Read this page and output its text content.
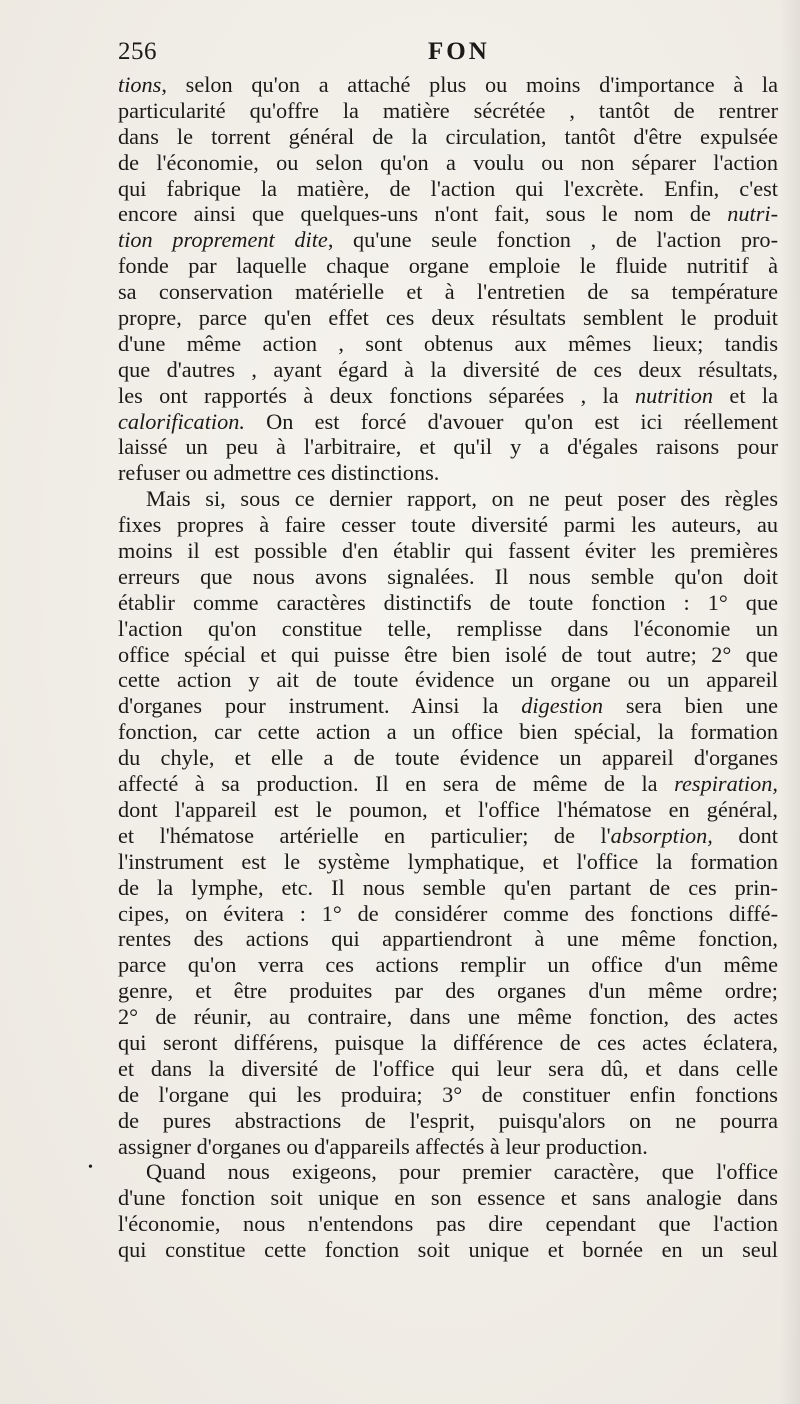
256	FON
tions, selon qu'on a attaché plus ou moins d'importance à la
particularité qu'offre la matière sécrétée , tantôt de rentrer
dans le torrent général de la circulation, tantôt d'être expulsée
de l'économie, ou selon qu'on a voulu ou non séparer l'action
qui fabrique la matière, de l'action qui l'excrète. Enfin, c'est
encore ainsi que quelques-uns n'ont fait, sous le nom de nutri-
tion proprement dite, qu'une seule fonction , de l'action pro-
fonde par laquelle chaque organe emploie le fluide nutritif à
sa conservation matérielle et à l'entretien de sa température
propre, parce qu'en effet ces deux résultats semblent le produit
d'une même action , sont obtenus aux mêmes lieux; tandis
que d'autres , ayant égard à la diversité de ces deux résultats,
les ont rapportés à deux fonctions séparées , la nutrition et la
calorification. On est forcé d'avouer qu'on est ici réellement
laissé un peu à l'arbitraire, et qu'il y a d'égales raisons pour
refuser ou admettre ces distinctions.
Mais si, sous ce dernier rapport, on ne peut poser des règles
fixes propres à faire cesser toute diversité parmi les auteurs, au
moins il est possible d'en établir qui fassent éviter les premières
erreurs que nous avons signalées. Il nous semble qu'on doit
établir comme caractères distinctifs de toute fonction : 1° que
l'action qu'on constitue telle, remplisse dans l'économie un
office spécial et qui puisse être bien isolé de tout autre; 2° que
cette action y ait de toute évidence un organe ou un appareil
d'organes pour instrument. Ainsi la digestion sera bien une
fonction, car cette action a un office bien spécial, la formation
du chyle, et elle a de toute évidence un appareil d'organes
affecté à sa production. Il en sera de même de la respiration,
dont l'appareil est le poumon, et l'office l'hématose en général,
et l'hématose artérielle en particulier; de l'absorption, dont
l'instrument est le système lymphatique, et l'office la formation
de la lymphe, etc. Il nous semble qu'en partant de ces prin-
cipes, on évitera : 1° de considérer comme des fonctions diffé-
rentes des actions qui appartiendront à une même fonction,
parce qu'on verra ces actions remplir un office d'un même
genre, et être produites par des organes d'un même ordre;
2° de réunir, au contraire, dans une même fonction, des actes
qui seront différens, puisque la différence de ces actes éclatera,
et dans la diversité de l'office qui leur sera dû, et dans celle
de l'organe qui les produira; 3° de constituer enfin fonctions
de pures abstractions de l'esprit, puisqu'alors on ne pourra
assigner d'organes ou d'appareils affectés à leur production.
Quand nous exigeons, pour premier caractère, que l'office
d'une fonction soit unique en son essence et sans analogie dans
l'économie, nous n'entendons pas dire cependant que l'action
qui constitue cette fonction soit unique et bornée en un seul
•
